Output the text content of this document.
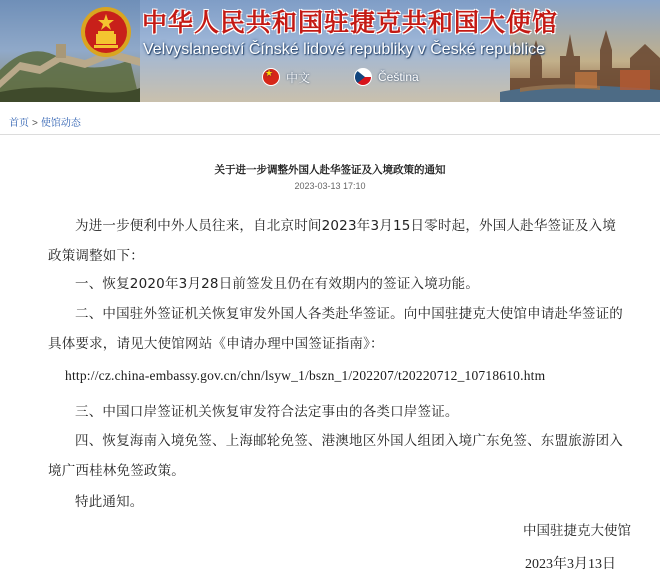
中华人民共和国驻捷克共和国大使馆
Velvyslanectví Čínské lidové republiky v České republice
★
中文	Čeština
首页 > 使馆动态
关于进一步调整外国人赴华签证及入境政策的通知
2023-03-13 17:10

为进一步便利中外人员往来，自北京时间2023年3月15日零时起，外国人赴华签证及入境政策调整如下：

一、恢复2020年3月28日前签发且仍在有效期内的签证入境功能。

二、中国驻外签证机关恢复审发外国人各类赴华签证。向中国驻捷克大使馆申请赴华签证的具体要求，请见大使馆网站《申请办理中国签证指南》：

http://cz.china-embassy.gov.cn/chn/lsyw_1/bszn_1/202207/t20220712_10718610.htm

三、中国口岸签证机关恢复审发符合法定事由的各类口岸签证。

四、恢复海南入境免签、上海邮轮免签、港澳地区外国人组团入境广东免签、东盟旅游团入境广西桂林免签政策。

特此通知。

中国驻捷克大使馆
2023年3月13日
